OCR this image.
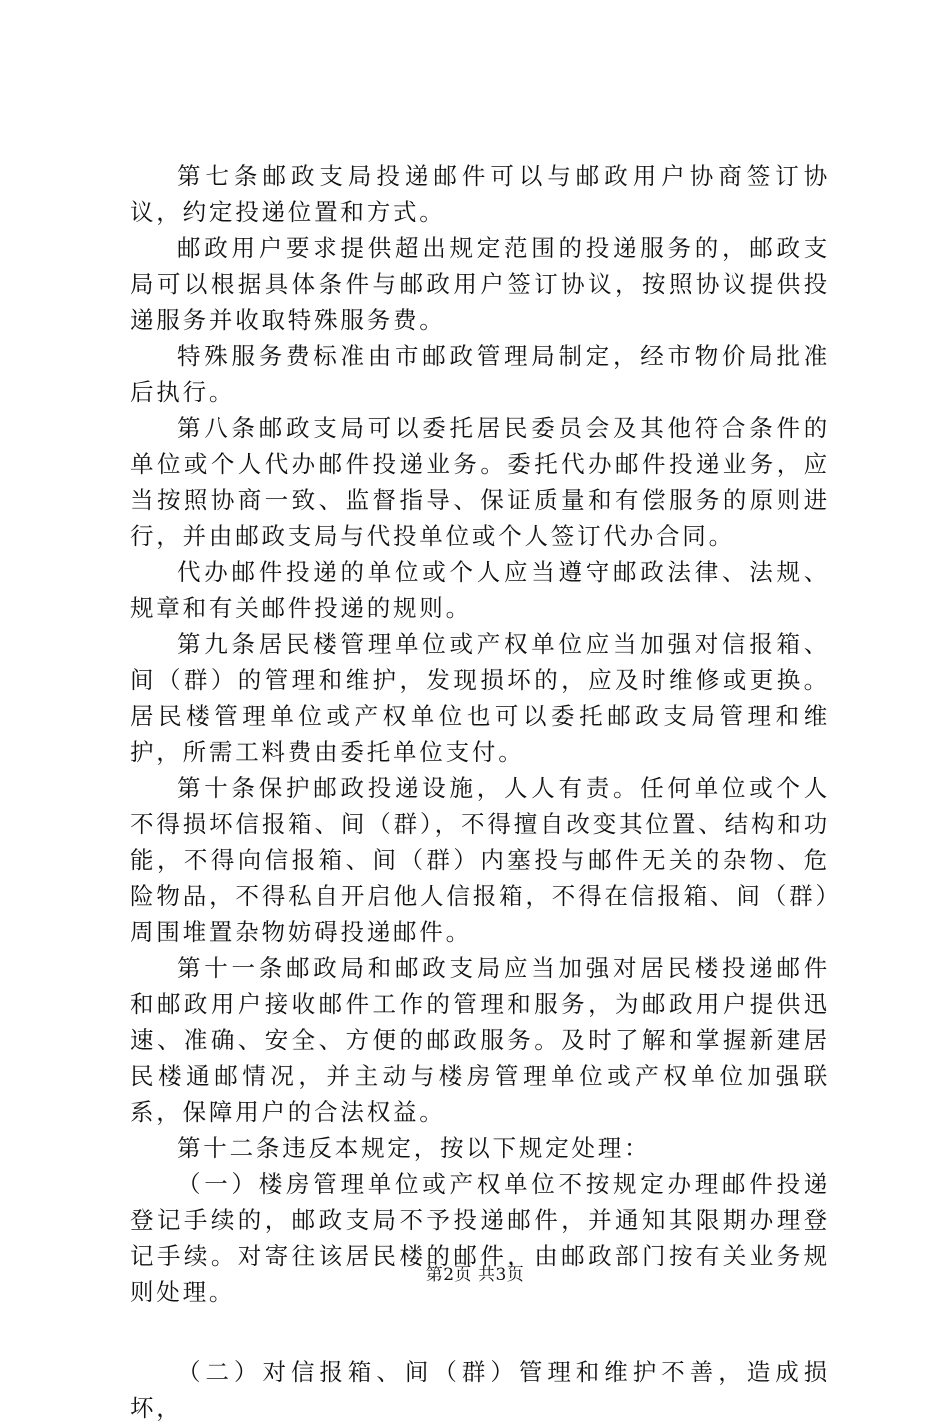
第七条邮政支局投递邮件可以与邮政用户协商签订协议，约定投递位置和方式。

邮政用户要求提供超出规定范围的投递服务的，邮政支局可以根据具体条件与邮政用户签订协议，按照协议提供投递服务并收取特殊服务费。

特殊服务费标准由市邮政管理局制定，经市物价局批准后执行。

第八条邮政支局可以委托居民委员会及其他符合条件的单位或个人代办邮件投递业务。委托代办邮件投递业务，应当按照协商一致、监督指导、保证质量和有偿服务的原则进行，并由邮政支局与代投单位或个人签订代办合同。

代办邮件投递的单位或个人应当遵守邮政法律、法规、规章和有关邮件投递的规则。

第九条居民楼管理单位或产权单位应当加强对信报箱、间（群）的管理和维护，发现损坏的，应及时维修或更换。居民楼管理单位或产权单位也可以委托邮政支局管理和维护，所需工料费由委托单位支付。

第十条保护邮政投递设施，人人有责。任何单位或个人不得损坏信报箱、间（群），不得擅自改变其位置、结构和功能，不得向信报箱、间（群）内塞投与邮件无关的杂物、危险物品，不得私自开启他人信报箱，不得在信报箱、间（群）周围堆置杂物妨碍投递邮件。

第十一条邮政局和邮政支局应当加强对居民楼投递邮件和邮政用户接收邮件工作的管理和服务，为邮政用户提供迅速、准确、安全、方便的邮政服务。及时了解和掌握新建居民楼通邮情况，并主动与楼房管理单位或产权单位加强联系，保障用户的合法权益。

第十二条违反本规定，按以下规定处理：

（一）楼房管理单位或产权单位不按规定办理邮件投递登记手续的，邮政支局不予投递邮件，并通知其限期办理登记手续。对寄往该居民楼的邮件，由邮政部门按有关业务规则处理。

（二）对信报箱、间（群）管理和维护不善，造成损坏，

第2页 共3页
